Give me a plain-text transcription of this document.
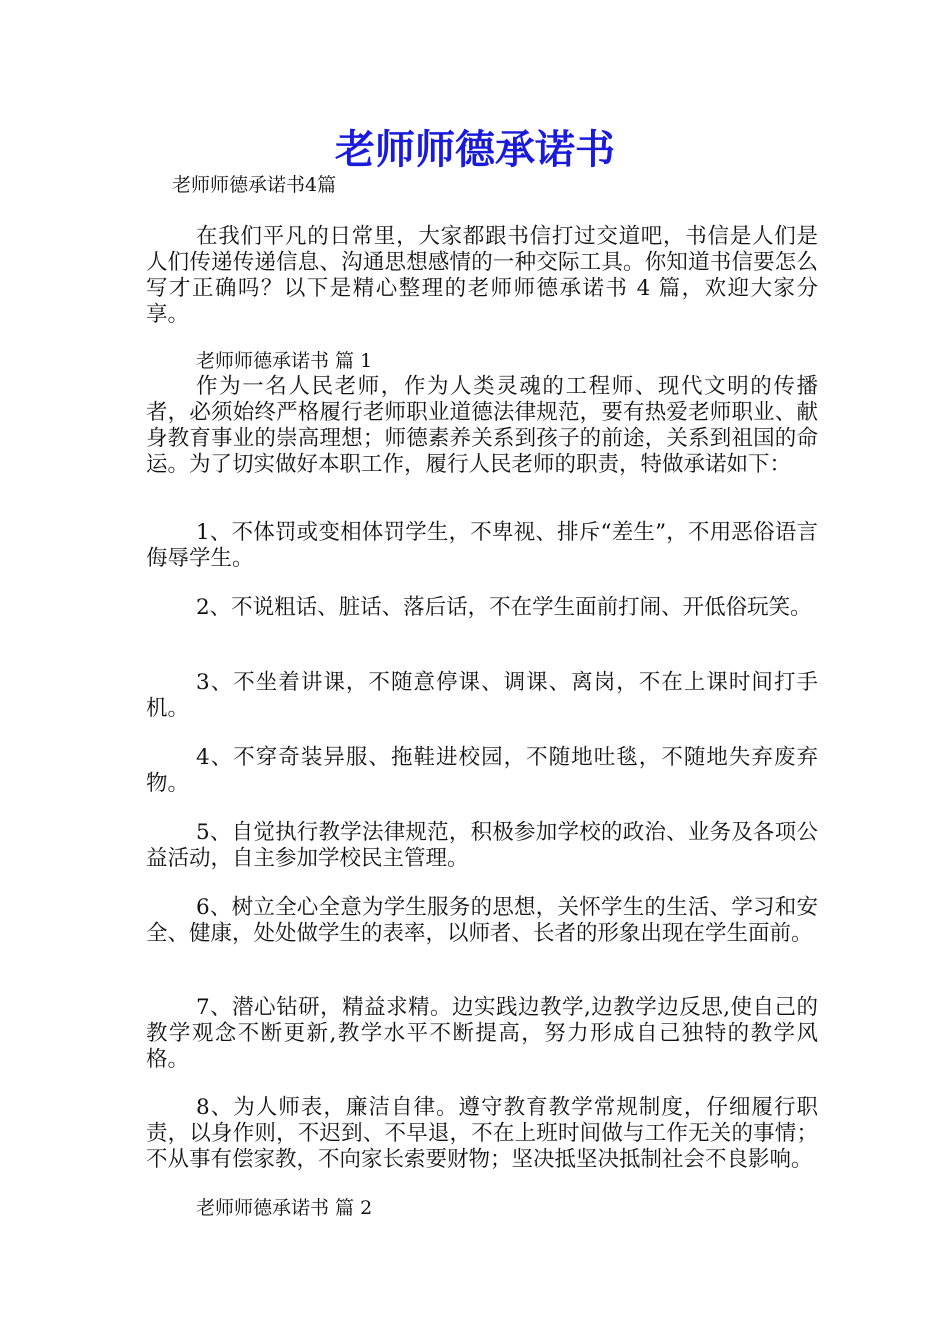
老师师德承诺书

老师师德承诺书4篇

在我们平凡的日常里，大家都跟书信打过交道吧，书信是人们是人们传递传递信息、沟通思想感情的一种交际工具。你知道书信要怎么写才正确吗？以下是精心整理的老师师德承诺书 4 篇，欢迎大家分享。

老师师德承诺书 篇 1

作为一名人民老师，作为人类灵魂的工程师、现代文明的传播者，必须始终严格履行老师职业道德法律规范，要有热爱老师职业、献身教育事业的崇高理想；师德素养关系到孩子的前途，关系到祖国的命运。为了切实做好本职工作，履行人民老师的职责，特做承诺如下：

1、不体罚或变相体罚学生，不卑视、排斥“差生”，不用恶俗语言侮辱学生。

2、不说粗话、脏话、落后话，不在学生面前打闹、开低俗玩笑。

3、不坐着讲课，不随意停课、调课、离岗，不在上课时间打手机。

4、不穿奇装异服、拖鞋进校园，不随地吐毯，不随地失弃废弃物。

5、自觉执行教学法律规范，积极参加学校的政治、业务及各项公益活动，自主参加学校民主管理。

6、树立全心全意为学生服务的思想，关怀学生的生活、学习和安全、健康，处处做学生的表率，以师者、长者的形象出现在学生面前。

7、潜心钻研，精益求精。边实践边教学,边教学边反思,使自己的教学观念不断更新,教学水平不断提高，努力形成自己独特的教学风格。

8、为人师表，廉洁自律。遵守教育教学常规制度，仔细履行职责，以身作则，不迟到、不早退，不在上班时间做与工作无关的事情；不从事有偿家教，不向家长索要财物；坚决抵坚决抵制社会不良影响。

老师师德承诺书 篇 2
